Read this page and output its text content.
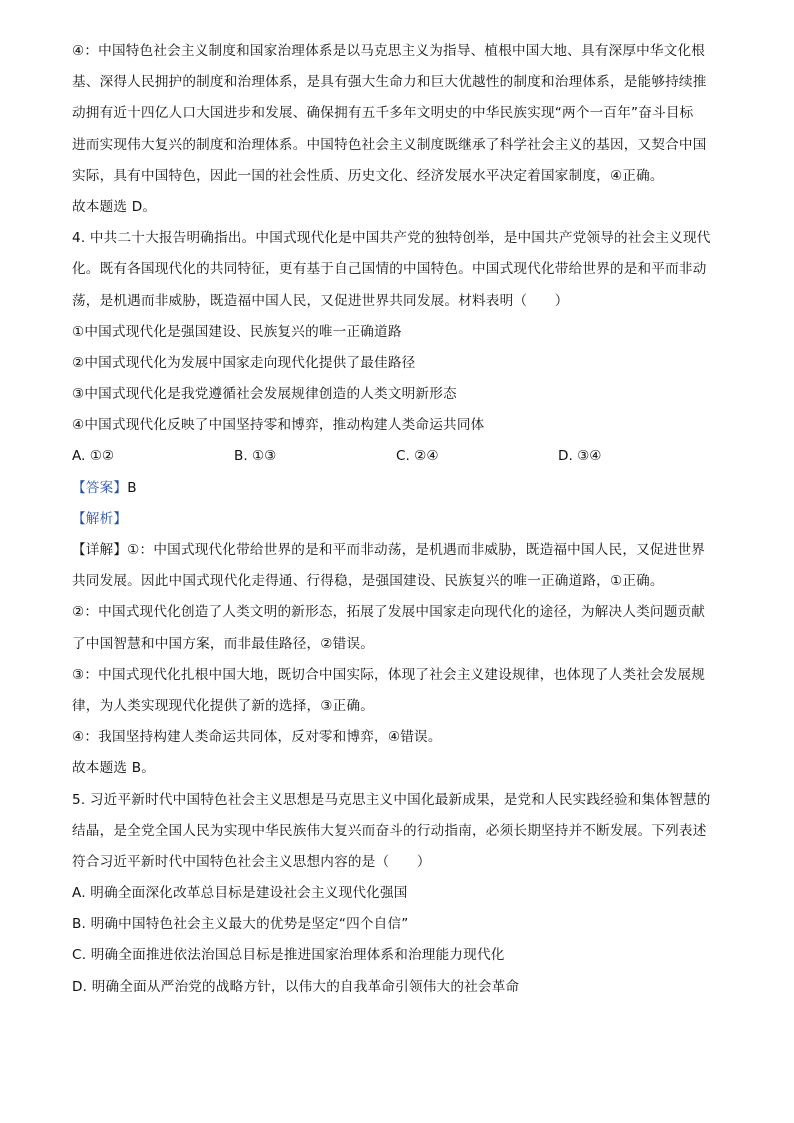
④：中国特色社会主义制度和国家治理体系是以马克思主义为指导、植根中国大地、具有深厚中华文化根
基、深得人民拥护的制度和治理体系，是具有强大生命力和巨大优越性的制度和治理体系，是能够持续推
动拥有近十四亿人口大国进步和发展、确保拥有五千多年文明史的中华民族实现“两个一百年”奋斗目标
进而实现伟大复兴的制度和治理体系。中国特色社会主义制度既继承了科学社会主义的基因，又契合中国
实际，具有中国特色，因此一国的社会性质、历史文化、经济发展水平决定着国家制度，④正确。
故本题选 D。
4. 中共二十大报告明确指出。中国式现代化是中国共产党的独特创举，是中国共产党领导的社会主义现代
化。既有各国现代化的共同特征，更有基于自己国情的中国特色。中国式现代化带给世界的是和平而非动
荡，是机遇而非威胁，既造福中国人民，又促进世界共同发展。材料表明（　　）
①中国式现代化是强国建设、民族复兴的唯一正确道路
②中国式现代化为发展中国家走向现代化提供了最佳路径
③中国式现代化是我党遵循社会发展规律创造的人类文明新形态
④中国式现代化反映了中国坚持零和博弈，推动构建人类命运共同体
A. ①②	B. ①③	C. ②④	D. ③④
【答案】B
【解析】
【详解】①：中国式现代化带给世界的是和平而非动荡，是机遇而非威胁，既造福中国人民，又促进世界
共同发展。因此中国式现代化走得通、行得稳，是强国建设、民族复兴的唯一正确道路，①正确。
②：中国式现代化创造了人类文明的新形态，拓展了发展中国家走向现代化的途径，为解决人类问题贡献
了中国智慧和中国方案，而非最佳路径，②错误。
③：中国式现代化扎根中国大地，既切合中国实际，体现了社会主义建设规律，也体现了人类社会发展规
律，为人类实现现代化提供了新的选择，③正确。
④：我国坚持构建人类命运共同体，反对零和博弈，④错误。
故本题选 B。
5. 习近平新时代中国特色社会主义思想是马克思主义中国化最新成果，是党和人民实践经验和集体智慧的
结晶，是全党全国人民为实现中华民族伟大复兴而奋斗的行动指南，必须长期坚持并不断发展。下列表述
符合习近平新时代中国特色社会主义思想内容的是（　　）
A. 明确全面深化改革总目标是建设社会主义现代化强国
B. 明确中国特色社会主义最大的优势是坚定“四个自信”
C. 明确全面推进依法治国总目标是推进国家治理体系和治理能力现代化
D. 明确全面从严治党的战略方针，以伟大的自我革命引领伟大的社会革命
